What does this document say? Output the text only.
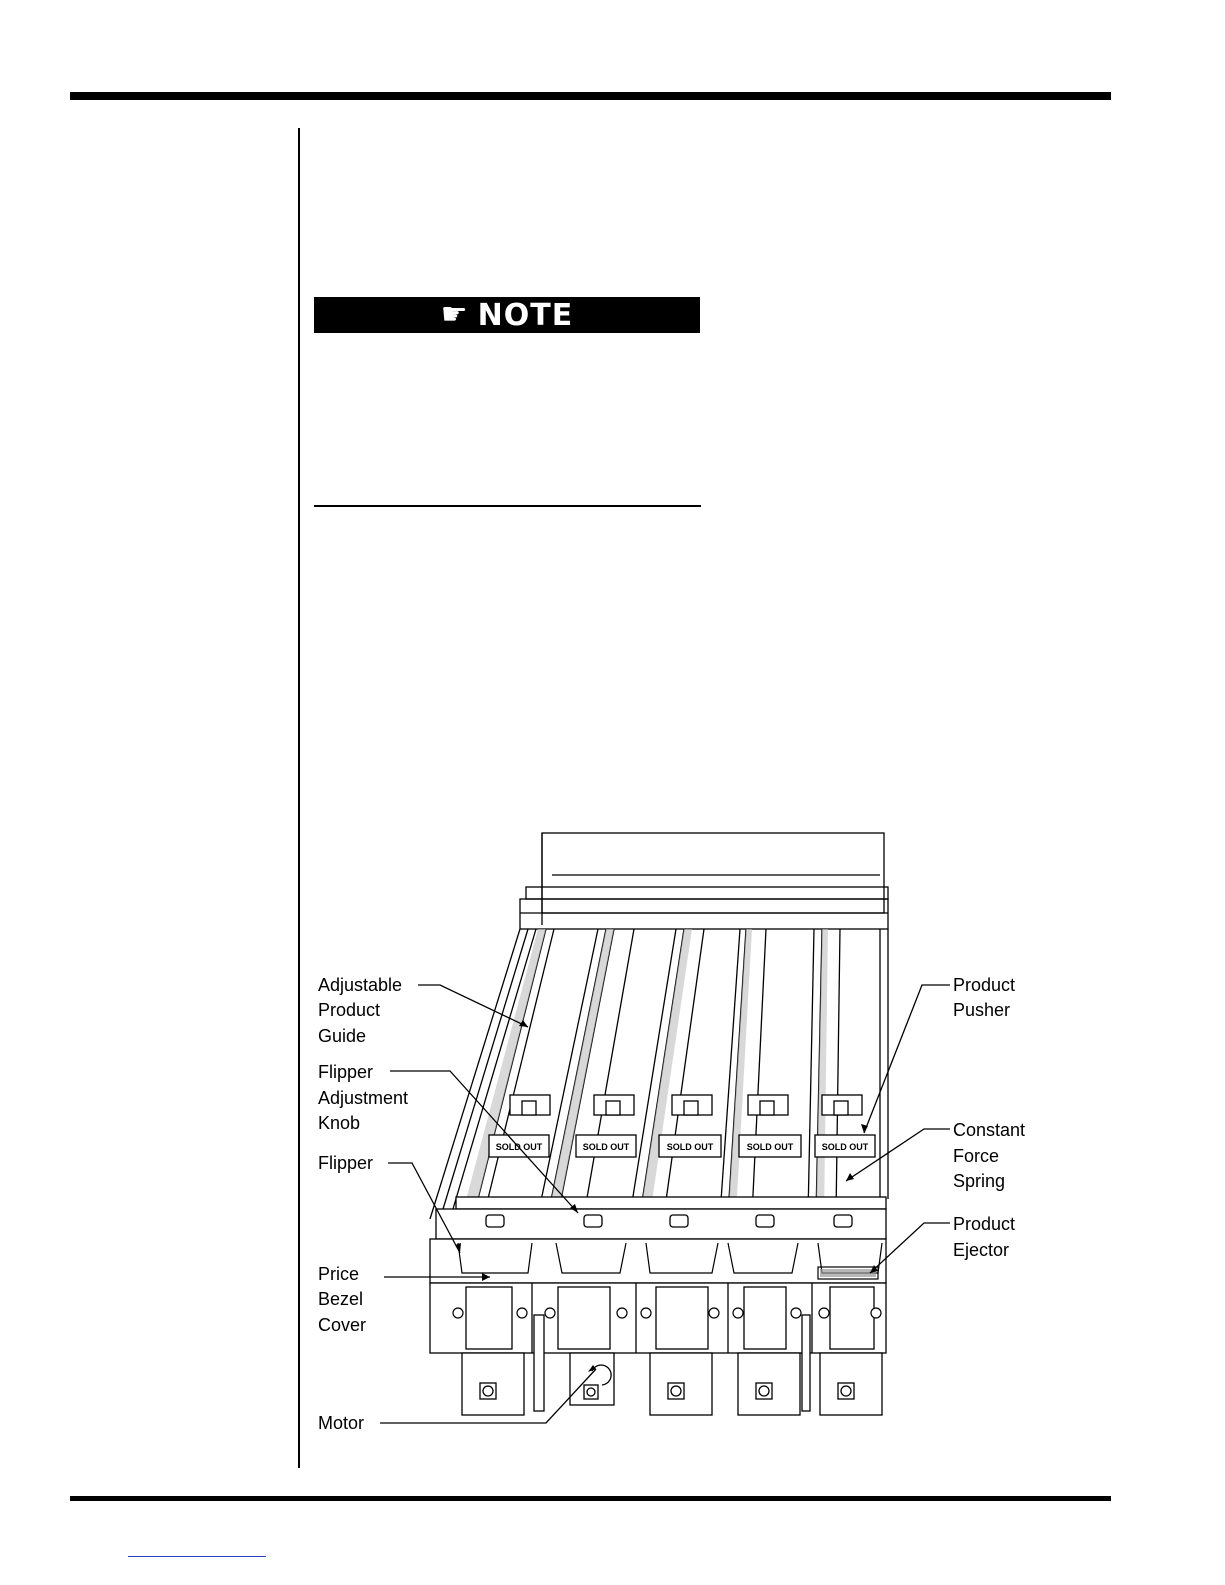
☛ NOTE
SOLD OUT	SOLD OUT	SOLD OUT	SOLD OUT	SOLD OUT
Adjustable Product Guide
Flipper Adjustment Knob
Flipper
Price Bezel Cover
Motor
Product Pusher
Constant Force Spring
Product Ejector
